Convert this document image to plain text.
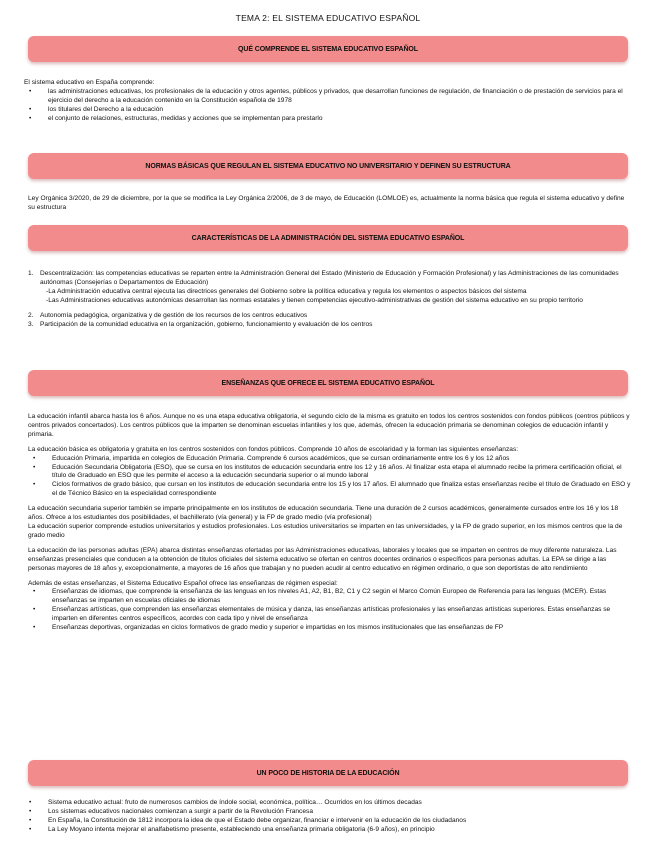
TEMA 2: EL SISTEMA EDUCATIVO ESPAÑOL
QUÉ COMPRENDE EL SISTEMA EDUCATIVO ESPAÑOL

El sistema educativo en España comprende:

• las administraciones educativas, los profesionales de la educación y otros agentes, públicos y privados, que desarrollan funciones de regulación, de financiación o de prestación de servicios para el ejercicio del derecho a la educación contenido en la Constitución española de 1978
• los titulares del Derecho a la educación
• el conjunto de relaciones, estructuras, medidas y acciones que se implementan para prestarlo
NORMAS BÁSICAS QUE REGULAN EL SISTEMA EDUCATIVO NO UNIVERSITARIO Y DEFINEN SU ESTRUCTURA

Ley Orgánica 3/2020, de 29 de diciembre, por la que se modifica la Ley Orgánica 2/2006, de 3 de mayo, de Educación (LOMLOE) es, actualmente la norma básica que regula el sistema educativo y define su estructura

CARACTERÍSTICAS DE LA ADMINISTRACIÓN DEL SISTEMA EDUCATIVO ESPAÑOL
1. Descentralización: las competencias educativas se reparten entre la Administración General del Estado (Ministerio de Educación y Formación Profesional) y las Administraciones de las comunidades autónomas (Consejerías o Departamentos de Educación)

-La Administración educativa central ejecuta las directrices generales del Gobierno sobre la política educativa y regula los elementos o aspectos básicos del sistema

-Las Administraciones educativas autonómicas desarrollan las normas estatales y tienen competencias ejecutivo-administrativas de gestión del sistema educativo en su propio territorio

2. Autonomía pedagógica, organizativa y de gestión de los recursos de los centros educativos
3. Participación de la comunidad educativa en la organización, gobierno, funcionamiento y evaluación de los centros
ENSEÑANZAS QUE OFRECE EL SISTEMA EDUCATIVO ESPAÑOL

La educación infantil abarca hasta los 6 años. Aunque no es una etapa educativa obligatoria, el segundo ciclo de la misma es gratuito en todos los centros sostenidos con fondos públicos (centros públicos y centros privados concertados). Los centros públicos que la imparten se denominan escuelas infantiles y los que, además, ofrecen la educación primaria se denominan colegios de educación infantil y primaria.

La educación básica es obligatoria y gratuita en los centros sostenidos con fondos públicos. Comprende 10 años de escolaridad y la forman las siguientes enseñanzas:

• Educación Primaria, impartida en colegios de Educación Primaria. Comprende 6 cursos académicos, que se cursan ordinariamente entre los 6 y los 12 años
• Educación Secundaria Obligatoria (ESO), que se cursa en los institutos de educación secundaria entre los 12 y 16 años. Al finalizar esta etapa el alumnado recibe la primera certificación oficial, el título de Graduado en ESO que les permite el acceso a la educación secundaria superior o al mundo laboral
• Ciclos formativos de grado básico, que cursan en los institutos de educación secundaria entre los 15 y los 17 años. El alumnado que finaliza estas enseñanzas recibe el título de Graduado en ESO y el de Técnico Básico en la especialidad correspondiente

La educación secundaria superior también se imparte principalmente en los institutos de educación secundaria. Tiene una duración de 2 cursos académicos, generalmente cursados entre los 16 y los 18 años. Ofrece a los estudiantes dos posibilidades, el bachillerato (vía general) y la FP de grado medio (vía profesional)

La educación superior comprende estudios universitarios y estudios profesionales. Los estudios universitarios se imparten en las universidades, y la FP de grado superior, en los mismos centros que la de grado medio

La educación de las personas adultas (EPA) abarca distintas enseñanzas ofertadas por las Administraciones educativas, laborales y locales que se imparten en centros de muy diferente naturaleza. Las enseñanzas presenciales que conducen a la obtención de títulos oficiales del sistema educativo se ofertan en centros docentes ordinarios o específicos para personas adultas. La EPA se dirige a las personas mayores de 18 años y, excepcionalmente, a mayores de 16 años que trabajan y no pueden acudir al centro educativo en régimen ordinario, o que son deportistas de alto rendimiento

Además de estas enseñanzas, el Sistema Educativo Español ofrece las enseñanzas de régimen especial:

• Enseñanzas de idiomas, que comprende la enseñanza de las lenguas en los niveles A1, A2, B1, B2, C1 y C2 según el Marco Común Europeo de Referencia para las lenguas (MCER). Estas enseñanzas se imparten en escuelas oficiales de idiomas
• Enseñanzas artísticas, que comprenden las enseñanzas elementales de música y danza, las enseñanzas artísticas profesionales y las enseñanzas artísticas superiores. Estas enseñanzas se imparten en diferentes centros específicos, acordes con cada tipo y nivel de enseñanza
• Enseñanzas deportivas, organizadas en ciclos formativos de grado medio y superior e impartidas en los mismos institucionales que las enseñanzas de FP
UN POCO DE HISTORIA DE LA EDUCACIÓN
• Sistema educativo actual: fruto de numerosos cambios de índole social, económica, política… Ocurridos en los últimos decadas
• Los sistemas educativos nacionales comienzan a surgir a partir de la Revolución Francesa
• En España, la Constitución de 1812 incorpora la idea de que el Estado debe organizar, financiar e intervenir en la educación de los ciudadanos
• La Ley Moyano intenta mejorar el analfabetismo presente, estableciendo una enseñanza primaria obligatoria (6-9 años), en principio
